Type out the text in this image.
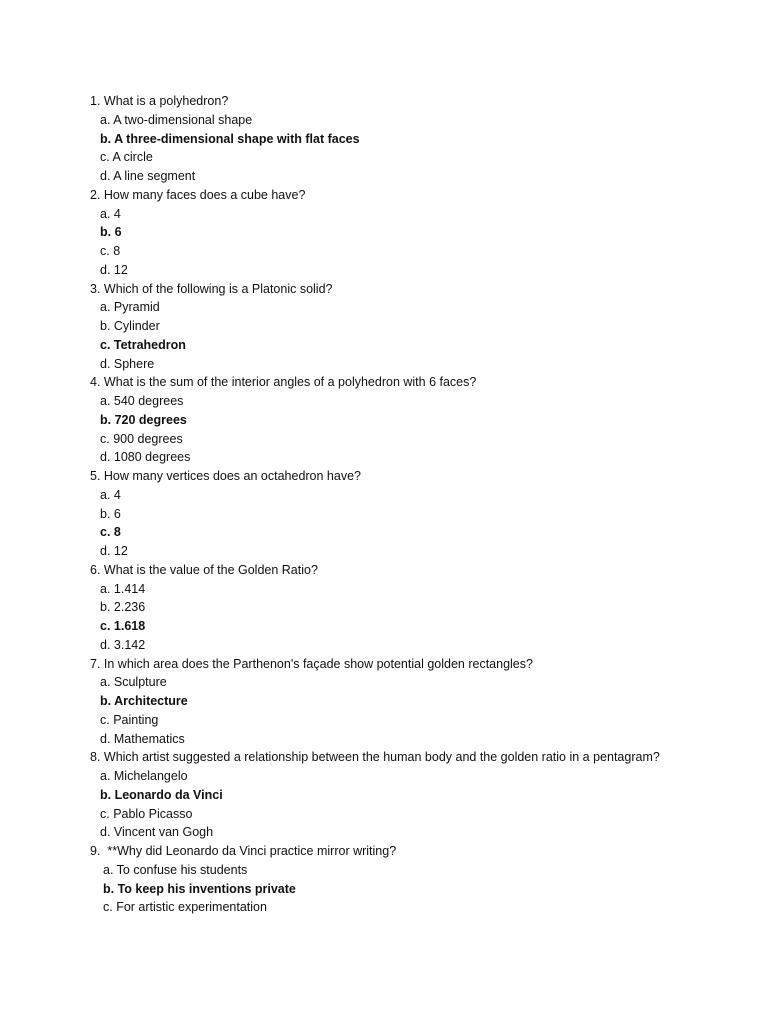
1. What is a polyhedron?
a. A two-dimensional shape
b. A three-dimensional shape with flat faces
c. A circle
d. A line segment
2. How many faces does a cube have?
a. 4
b. 6
c. 8
d. 12
3. Which of the following is a Platonic solid?
a. Pyramid
b. Cylinder
c. Tetrahedron
d. Sphere
4. What is the sum of the interior angles of a polyhedron with 6 faces?
a. 540 degrees
b. 720 degrees
c. 900 degrees
d. 1080 degrees
5. How many vertices does an octahedron have?
a. 4
b. 6
c. 8
d. 12
6. What is the value of the Golden Ratio?
a. 1.414
b. 2.236
c. 1.618
d. 3.142
7. In which area does the Parthenon's façade show potential golden rectangles?
a. Sculpture
b. Architecture
c. Painting
d. Mathematics
8. Which artist suggested a relationship between the human body and the golden ratio in a pentagram?
a. Michelangelo
b. Leonardo da Vinci
c. Pablo Picasso
d. Vincent van Gogh
9.  **Why did Leonardo da Vinci practice mirror writing?
a. To confuse his students
b. To keep his inventions private
c. For artistic experimentation
